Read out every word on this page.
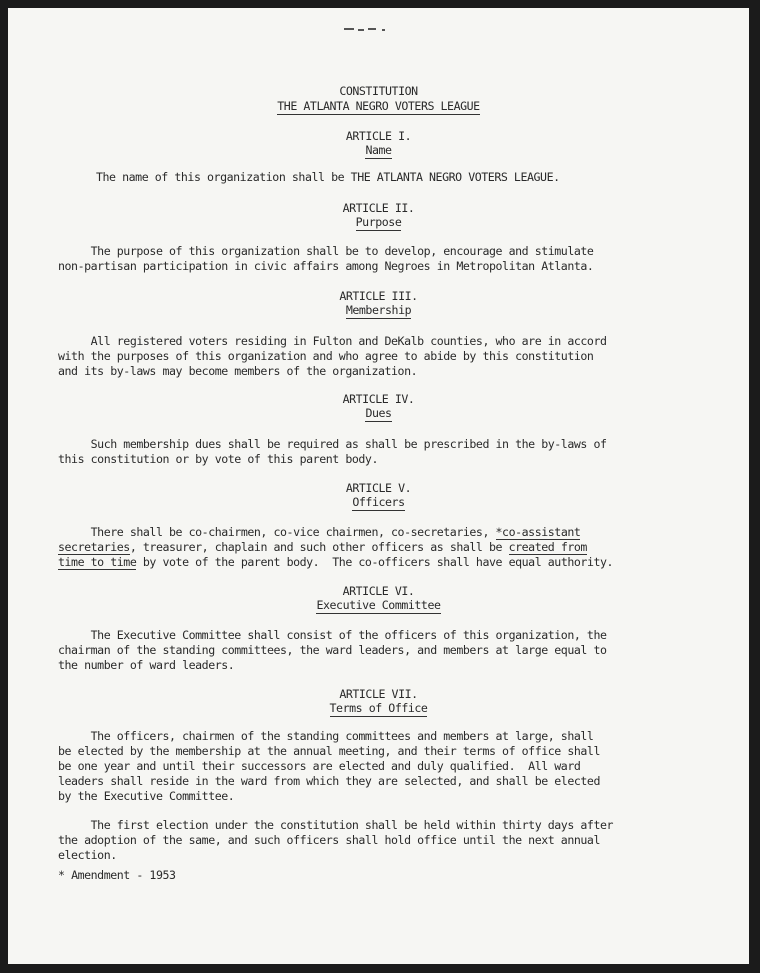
CONSTITUTION
THE ATLANTA NEGRO VOTERS LEAGUE
ARTICLE I.
Name
The name of this organization shall be THE ATLANTA NEGRO VOTERS LEAGUE.
ARTICLE II.
Purpose
The purpose of this organization shall be to develop, encourage and stimulate
non-partisan participation in civic affairs among Negroes in Metropolitan Atlanta.
ARTICLE III.
Membership
All registered voters residing in Fulton and DeKalb counties, who are in accord
with the purposes of this organization and who agree to abide by this constitution
and its by-laws may become members of the organization.
ARTICLE IV.
Dues
Such membership dues shall be required as shall be prescribed in the by-laws of
this constitution or by vote of this parent body.
ARTICLE V.
Officers
There shall be co-chairmen, co-vice chairmen, co-secretaries, *co-assistant
secretaries, treasurer, chaplain and such other officers as shall be created from
time to time by vote of the parent body.  The co-officers shall have equal authority.
ARTICLE VI.
Executive Committee
The Executive Committee shall consist of the officers of this organization, the
chairman of the standing committees, the ward leaders, and members at large equal to
the number of ward leaders.
ARTICLE VII.
Terms of Office
The officers, chairmen of the standing committees and members at large, shall
be elected by the membership at the annual meeting, and their terms of office shall
be one year and until their successors are elected and duly qualified.  All ward
leaders shall reside in the ward from which they are selected, and shall be elected
by the Executive Committee.
The first election under the constitution shall be held within thirty days after
the adoption of the same, and such officers shall hold office until the next annual
election.
* Amendment - 1953
